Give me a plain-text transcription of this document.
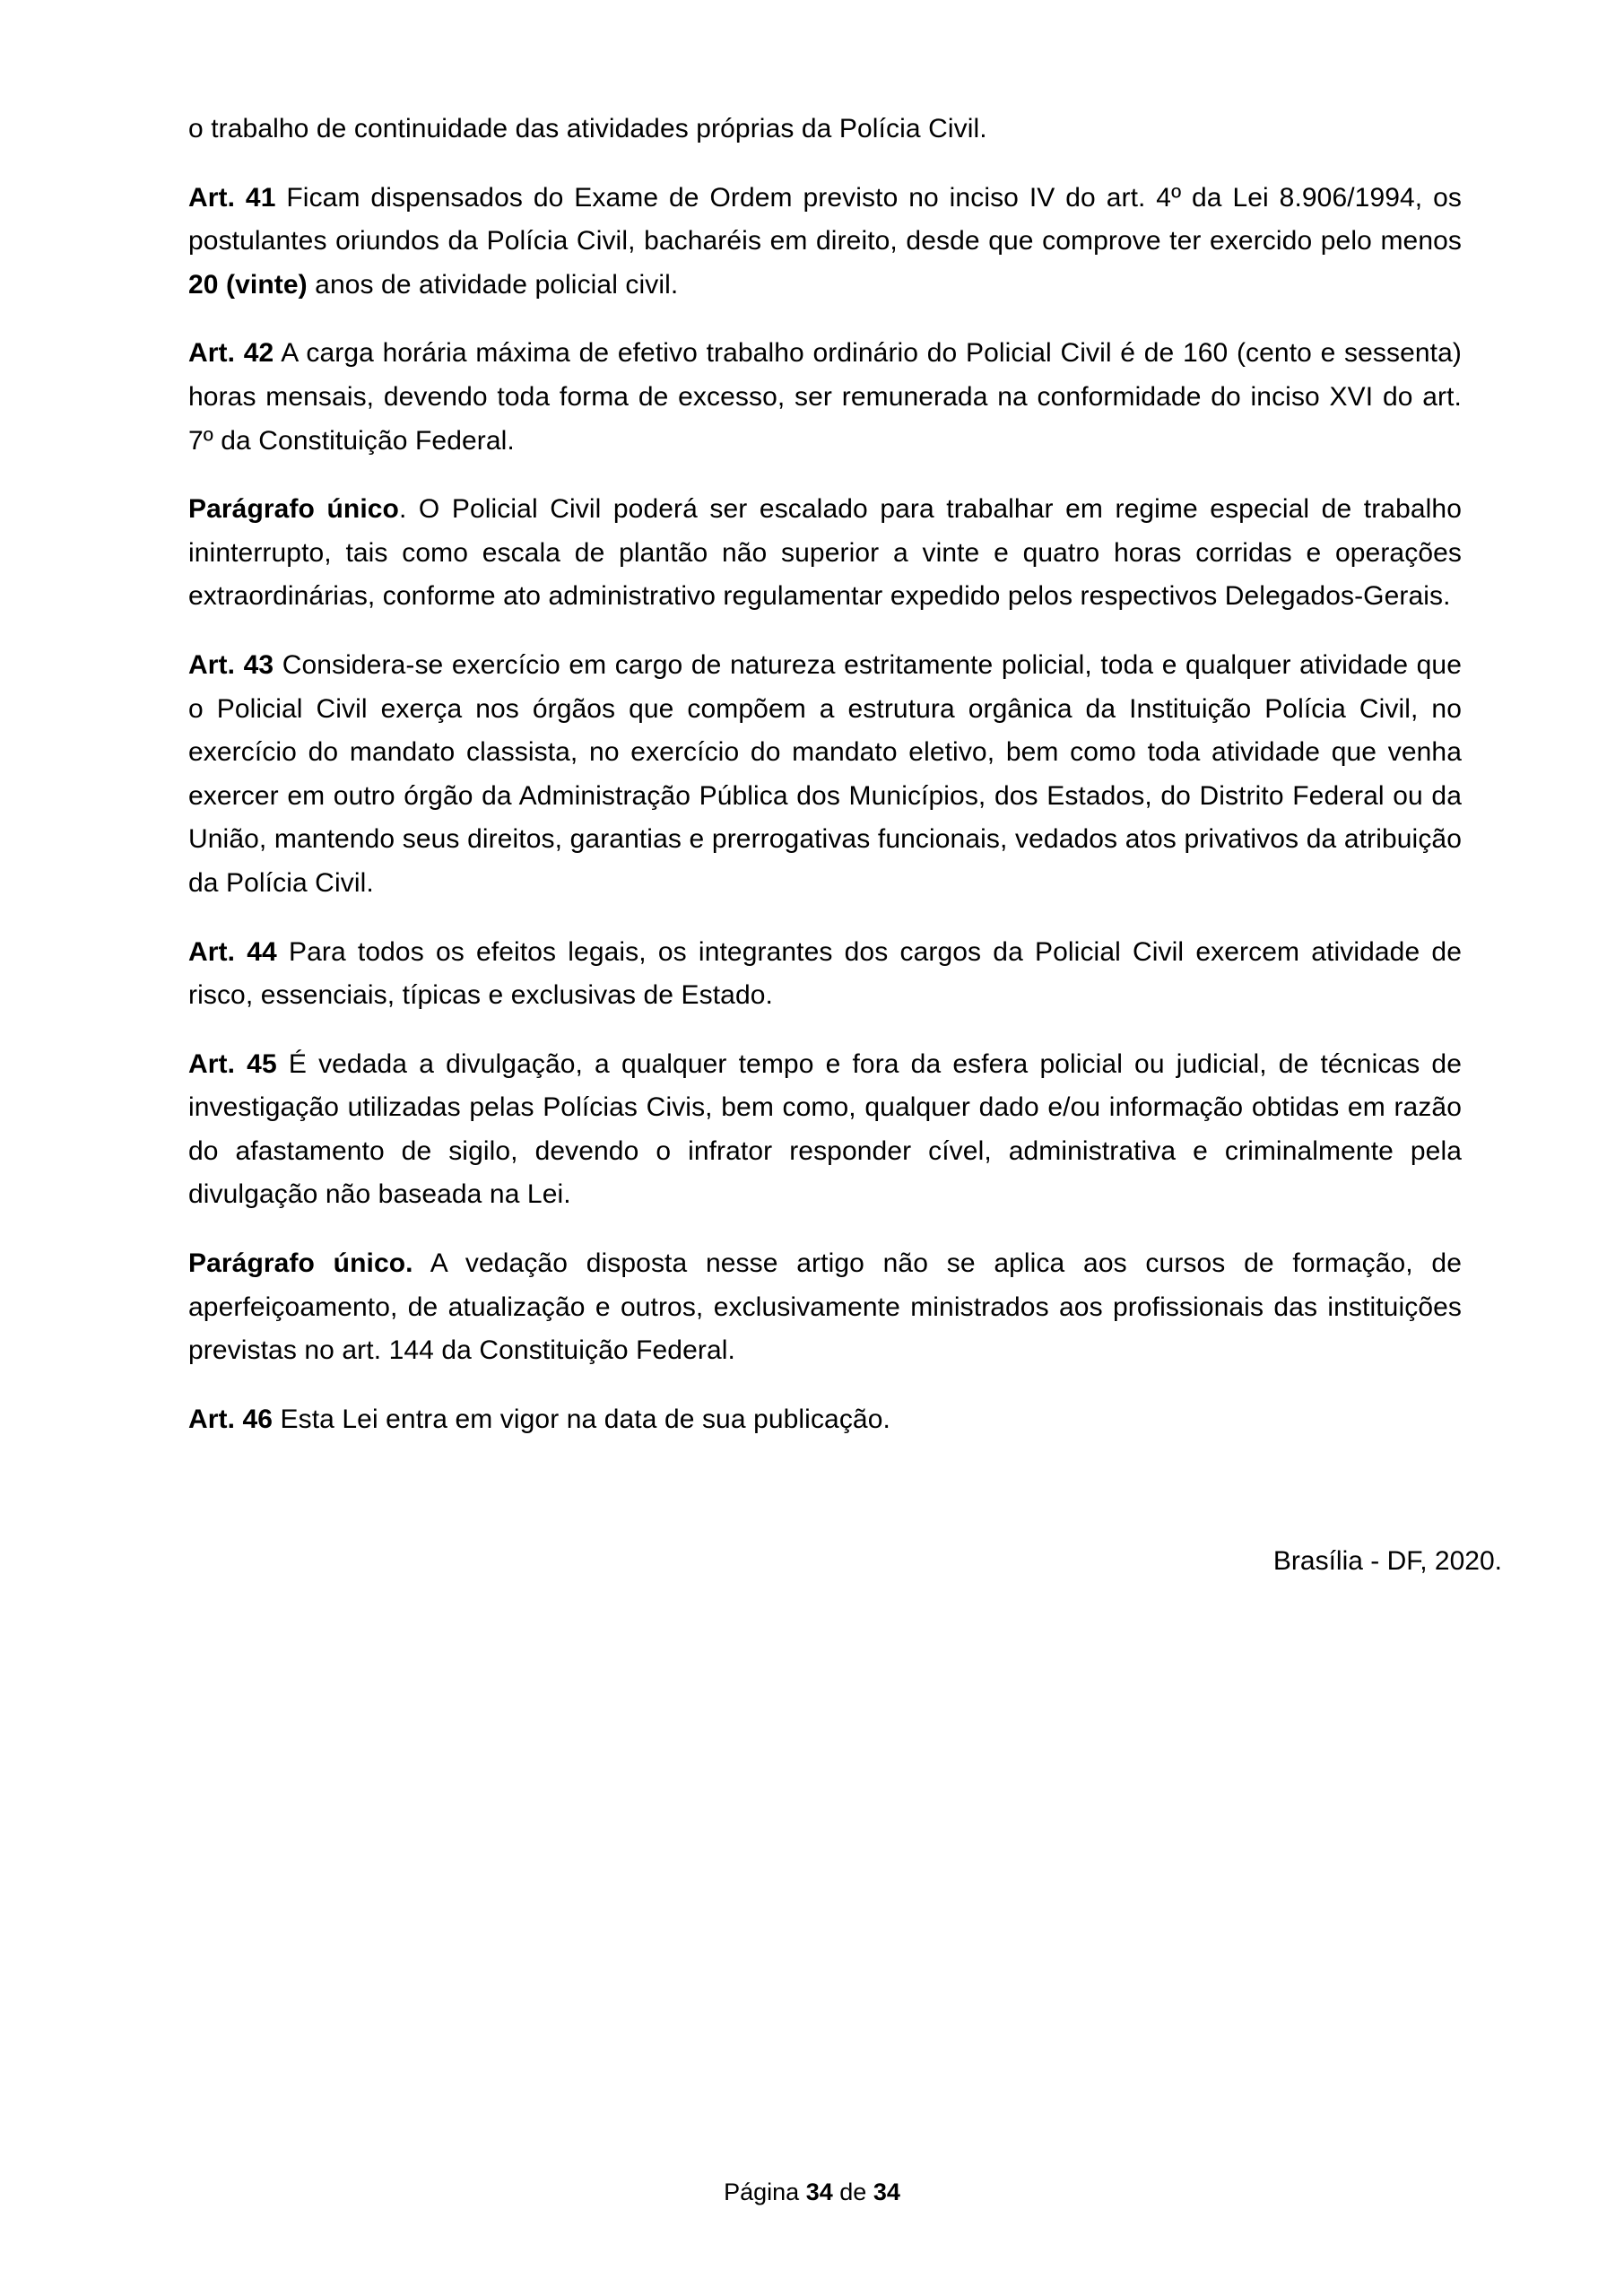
o trabalho de continuidade das atividades próprias da Polícia Civil.

Art. 41 Ficam dispensados do Exame de Ordem previsto no inciso IV do art. 4º da Lei 8.906/1994, os postulantes oriundos da Polícia Civil, bacharéis em direito, desde que comprove ter exercido pelo menos 20 (vinte) anos de atividade policial civil.

Art. 42 A carga horária máxima de efetivo trabalho ordinário do Policial Civil é de 160 (cento e sessenta) horas mensais, devendo toda forma de excesso, ser remunerada na conformidade do inciso XVI do art. 7º da Constituição Federal.

Parágrafo único. O Policial Civil poderá ser escalado para trabalhar em regime especial de trabalho ininterrupto, tais como escala de plantão não superior a vinte e quatro horas corridas e operações extraordinárias, conforme ato administrativo regulamentar expedido pelos respectivos Delegados-Gerais.

Art. 43 Considera-se exercício em cargo de natureza estritamente policial, toda e qualquer atividade que o Policial Civil exerça nos órgãos que compõem a estrutura orgânica da Instituição Polícia Civil, no exercício do mandato classista, no exercício do mandato eletivo, bem como toda atividade que venha exercer em outro órgão da Administração Pública dos Municípios, dos Estados, do Distrito Federal ou da União, mantendo seus direitos, garantias e prerrogativas funcionais, vedados atos privativos da atribuição da Polícia Civil.

Art. 44 Para todos os efeitos legais, os integrantes dos cargos da Policial Civil exercem atividade de risco, essenciais, típicas e exclusivas de Estado.

Art. 45 É vedada a divulgação, a qualquer tempo e fora da esfera policial ou judicial, de técnicas de investigação utilizadas pelas Polícias Civis, bem como, qualquer dado e/ou informação obtidas em razão do afastamento de sigilo, devendo o infrator responder cível, administrativa e criminalmente pela divulgação não baseada na Lei.

Parágrafo único. A vedação disposta nesse artigo não se aplica aos cursos de formação, de aperfeiçoamento, de atualização e outros, exclusivamente ministrados aos profissionais das instituições previstas no art. 144 da Constituição Federal.

Art. 46 Esta Lei entra em vigor na data de sua publicação.

Brasília - DF, 2020.

Página 34 de 34
